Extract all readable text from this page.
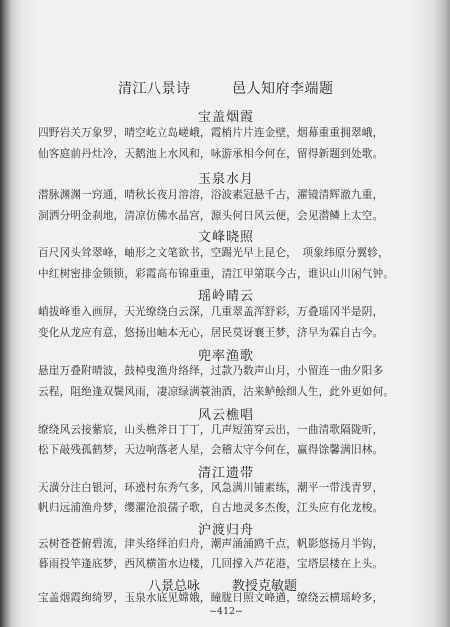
清江八景诗	邑人知府李端题
宝盖烟霞
四野岩关万象罗，晴空屹立岛嵯峨，霞梢片片连金壁，烟幕重重拥翠峨，
仙客庭前丹灶冷，天鹅池上水风和，咏游承相今何在，留得新题到处歌。
玉泉水月
潜脉渊渊一窍通，晴秋长夜月溶溶，浴波素冠悬千古，濯镜清辉澈九重，
洞洒分明金刹地，清凉仿佛水晶宫，源头何日风云便，会见潜鳞上太空。
文峰晓照
百尺冈头耸翠峰，岫形之文笔欲书，空踢光早上昆仑，　项象纬原分翼轸，
中红树密排金锁锁，彩霞高布锦重重，清江甲第联今古，谁识山川闲气钟。
瑶岭晴云
峭拔峰垂入画屏，天光缭绕白云深，几重翠盖浑舒彩，万叠瑶冈半是阴，
变化从龙应有意，悠扬出岫本无心，居民莫讶襄王梦，济早为霖自古今。
兜率渔歌
悬崖万叠附晴波，鼓棹曳渔舟络绎，过款乃数声山月，小留连一曲夕阳多
云程，阻绝逢双鬓风雨，凄凉绿满蓑油酒，沽来鲈鲙细人生，此外更如何。
风云樵唱
缭绕风云接紫宸，山头樵斧日丁丁，几声短笛穿云出，一曲清歌隔陇听，
松下敲残孤鹤梦，天边响落老人星，会稽太守今何在，赢得馀馨满旧林。
清江遗带
天潢分注白银河，环遶村东秀气多，风急满川铺素练，潮平一带浅青罗，
帆归远浦渔舟梦，缨濯沧浪孺子歌，自古地灵多杰俊，江头应有化龙梭。
沪渡归舟
云树苍苍俯碧流，津头络绎泊归舟，潮声涌涌鸥千点，帆影悠扬月半钩，
暮雨投竿逢底梦，西风横笛水边楼，几回撑入芦花港，宝塔层楼在上头。
八景总咏 教授克敏题
宝盖烟霞绚绮罗，玉泉水底见嫦娥，瞳胧日照文峰遒，缭绕云横瑶岭多，
~412~
